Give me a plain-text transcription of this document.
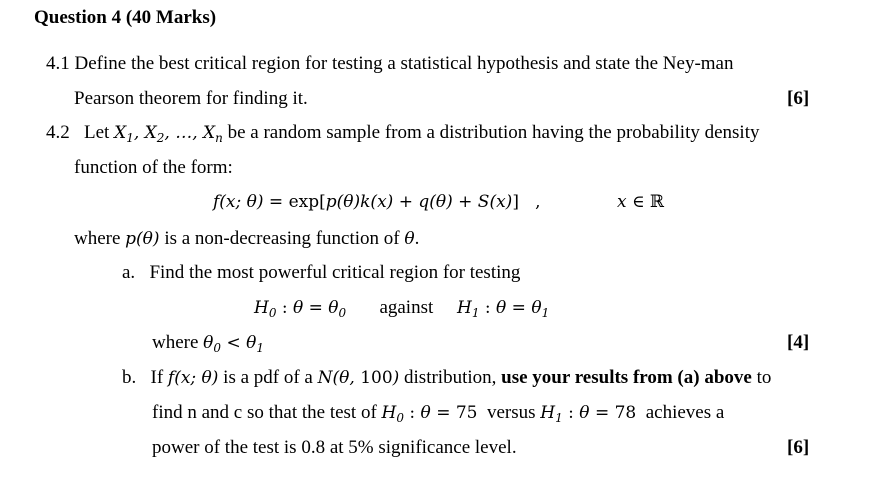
Question 4 (40 Marks)
4.1 Define the best critical region for testing a statistical hypothesis and state the Ney-man
Pearson theorem for finding it.	[6]
4.2   Let $X_1$, $X_2$, …, $X_n$ be a random sample from a distribution having the probability density
function of the form:
f(x; θ) = exp[p(θ)k(x) + q(θ) + S(x)] ,	x ∈ ℝ
where p(θ) is a non-decreasing function of θ.
a. Find the most powerful critical region for testing
$H_0$ : $\theta = \theta_0$ against $H_1$ : $\theta = \theta_1$
where $\theta_0 < \theta_1$	[4]
b. If f(x; θ) is a pdf of a N(θ, 100) distribution, use your results from (a) above to
find n and c so that the test of $H_0$ : θ = 75 versus $H_1$ : θ = 78 achieves a
power of the test is 0.8 at 5% significance level.	[6]
